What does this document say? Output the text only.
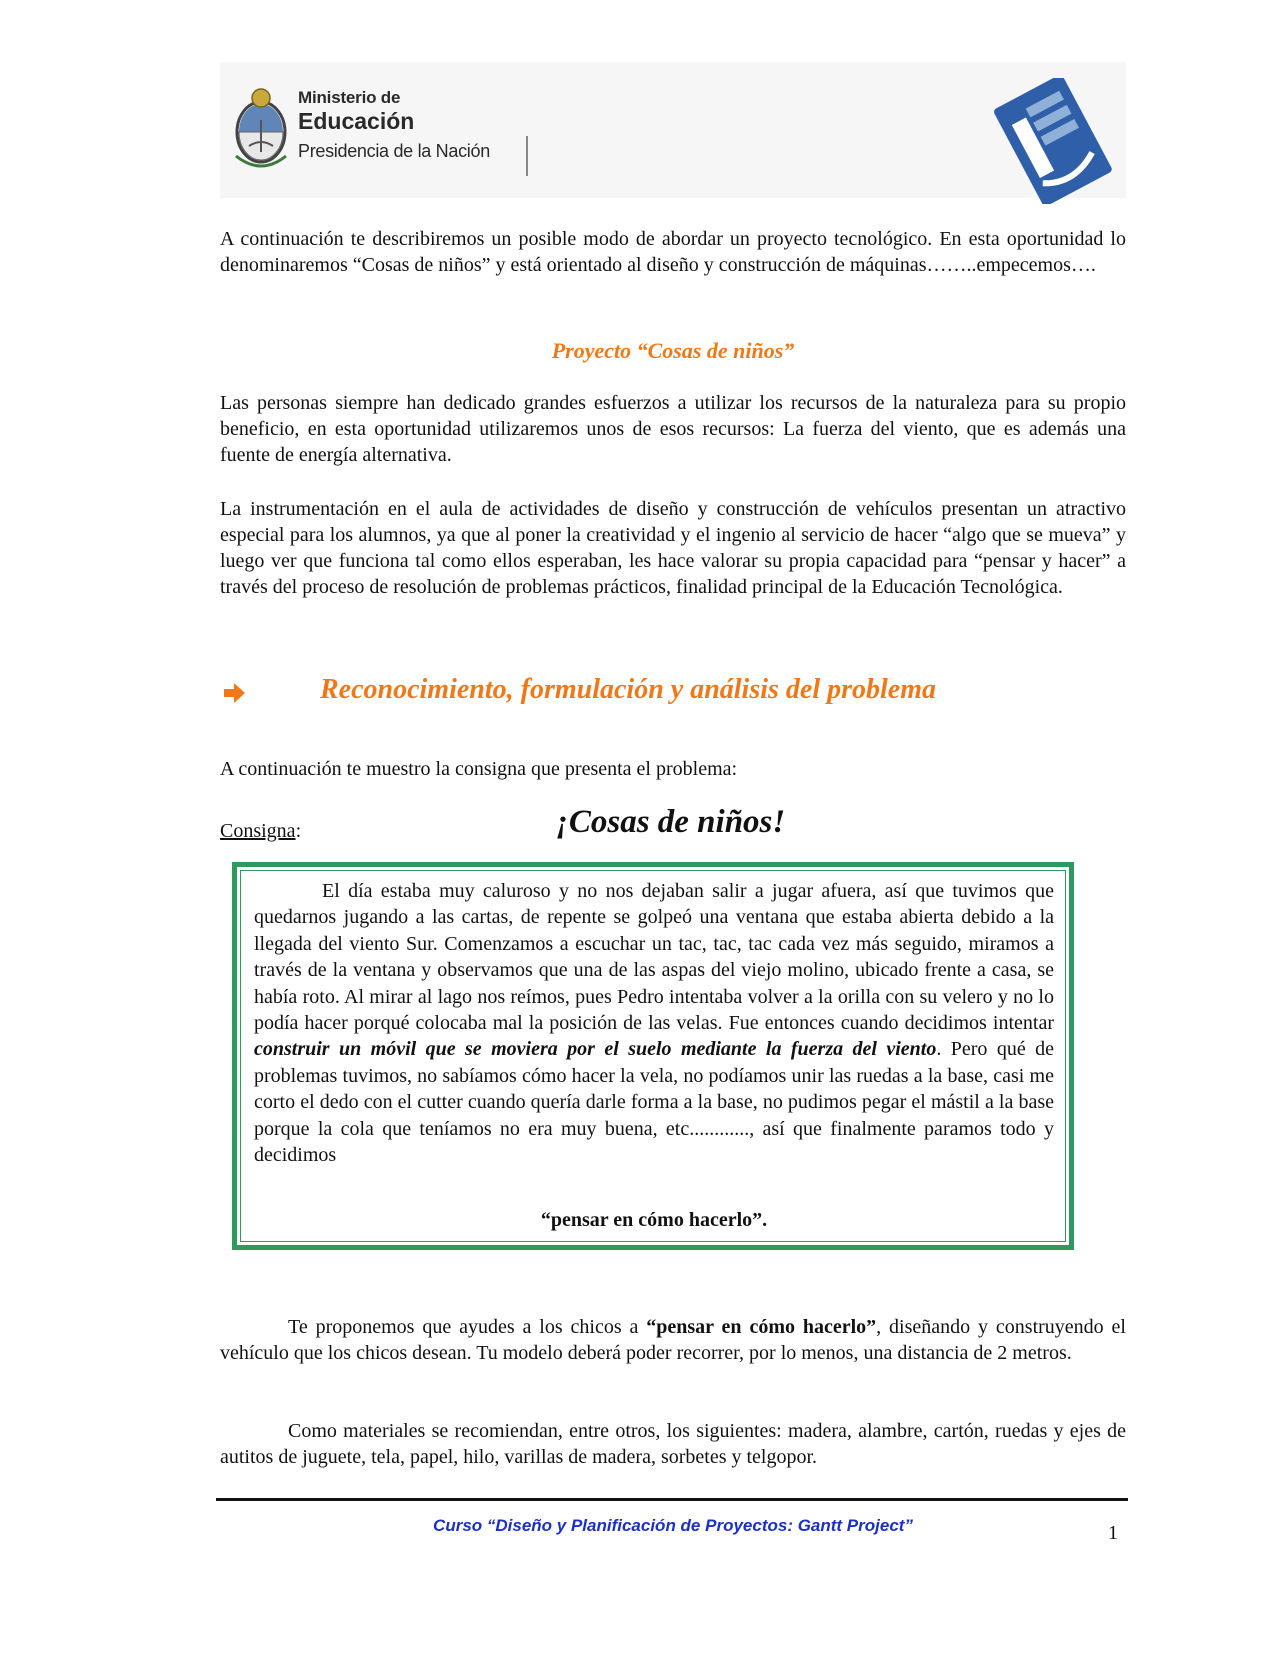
Ministerio de
Educación
Presidencia de la Nación
A continuación te describiremos un posible modo de abordar un proyecto tecnológico. En esta oportunidad lo denominaremos “Cosas de niños” y está orientado al diseño y construcción de máquinas……..empecemos….
Proyecto “Cosas de niños”
Las personas siempre han dedicado grandes esfuerzos a utilizar los recursos de la naturaleza para su propio beneficio, en esta oportunidad utilizaremos unos de esos recursos: La fuerza del viento, que es además una fuente de energía alternativa.
La instrumentación en el aula de actividades de diseño y construcción de vehículos presentan un atractivo especial para los alumnos, ya que al poner la creatividad y el ingenio al servicio de hacer “algo que se mueva” y luego ver que funciona tal como ellos esperaban, les hace valorar su propia capacidad para “pensar y hacer” a través del proceso de resolución de problemas prácticos, finalidad principal de la Educación Tecnológica.
Reconocimiento, formulación y análisis del problema
A continuación te muestro la consigna que presenta el problema:
Consigna:	¡Cosas de niños!
El día estaba muy caluroso y no nos dejaban salir a jugar afuera, así que tuvimos que quedarnos jugando a las cartas, de repente se golpeó una ventana que estaba abierta debido a la llegada del viento Sur. Comenzamos a escuchar un tac, tac, tac cada vez más seguido, miramos a través de la ventana y observamos que una de las aspas del viejo molino, ubicado frente a casa, se había roto. Al mirar al lago nos reímos, pues Pedro intentaba volver a la orilla con su velero y no lo podía hacer porqué colocaba mal la posición de las velas. Fue entonces cuando decidimos intentar construir un móvil que se moviera por el suelo mediante la fuerza del viento. Pero qué de problemas tuvimos, no sabíamos cómo hacer la vela, no podíamos unir las ruedas a la base, casi me corto el dedo con el cutter cuando quería darle forma a la base, no pudimos pegar el mástil a la base porque la cola que teníamos no era muy buena, etc............, así que finalmente paramos todo y decidimos
“pensar en cómo hacerlo”.
Te proponemos que ayudes a los chicos a “pensar en cómo hacerlo”, diseñando y construyendo el vehículo que los chicos desean. Tu modelo deberá poder recorrer, por lo menos, una distancia de 2 metros.
Como materiales se recomiendan, entre otros, los siguientes: madera, alambre, cartón, ruedas y ejes de autitos de juguete, tela, papel, hilo, varillas de madera, sorbetes y telgopor.
Curso “Diseño y Planificación de Proyectos: Gantt Project”	1
